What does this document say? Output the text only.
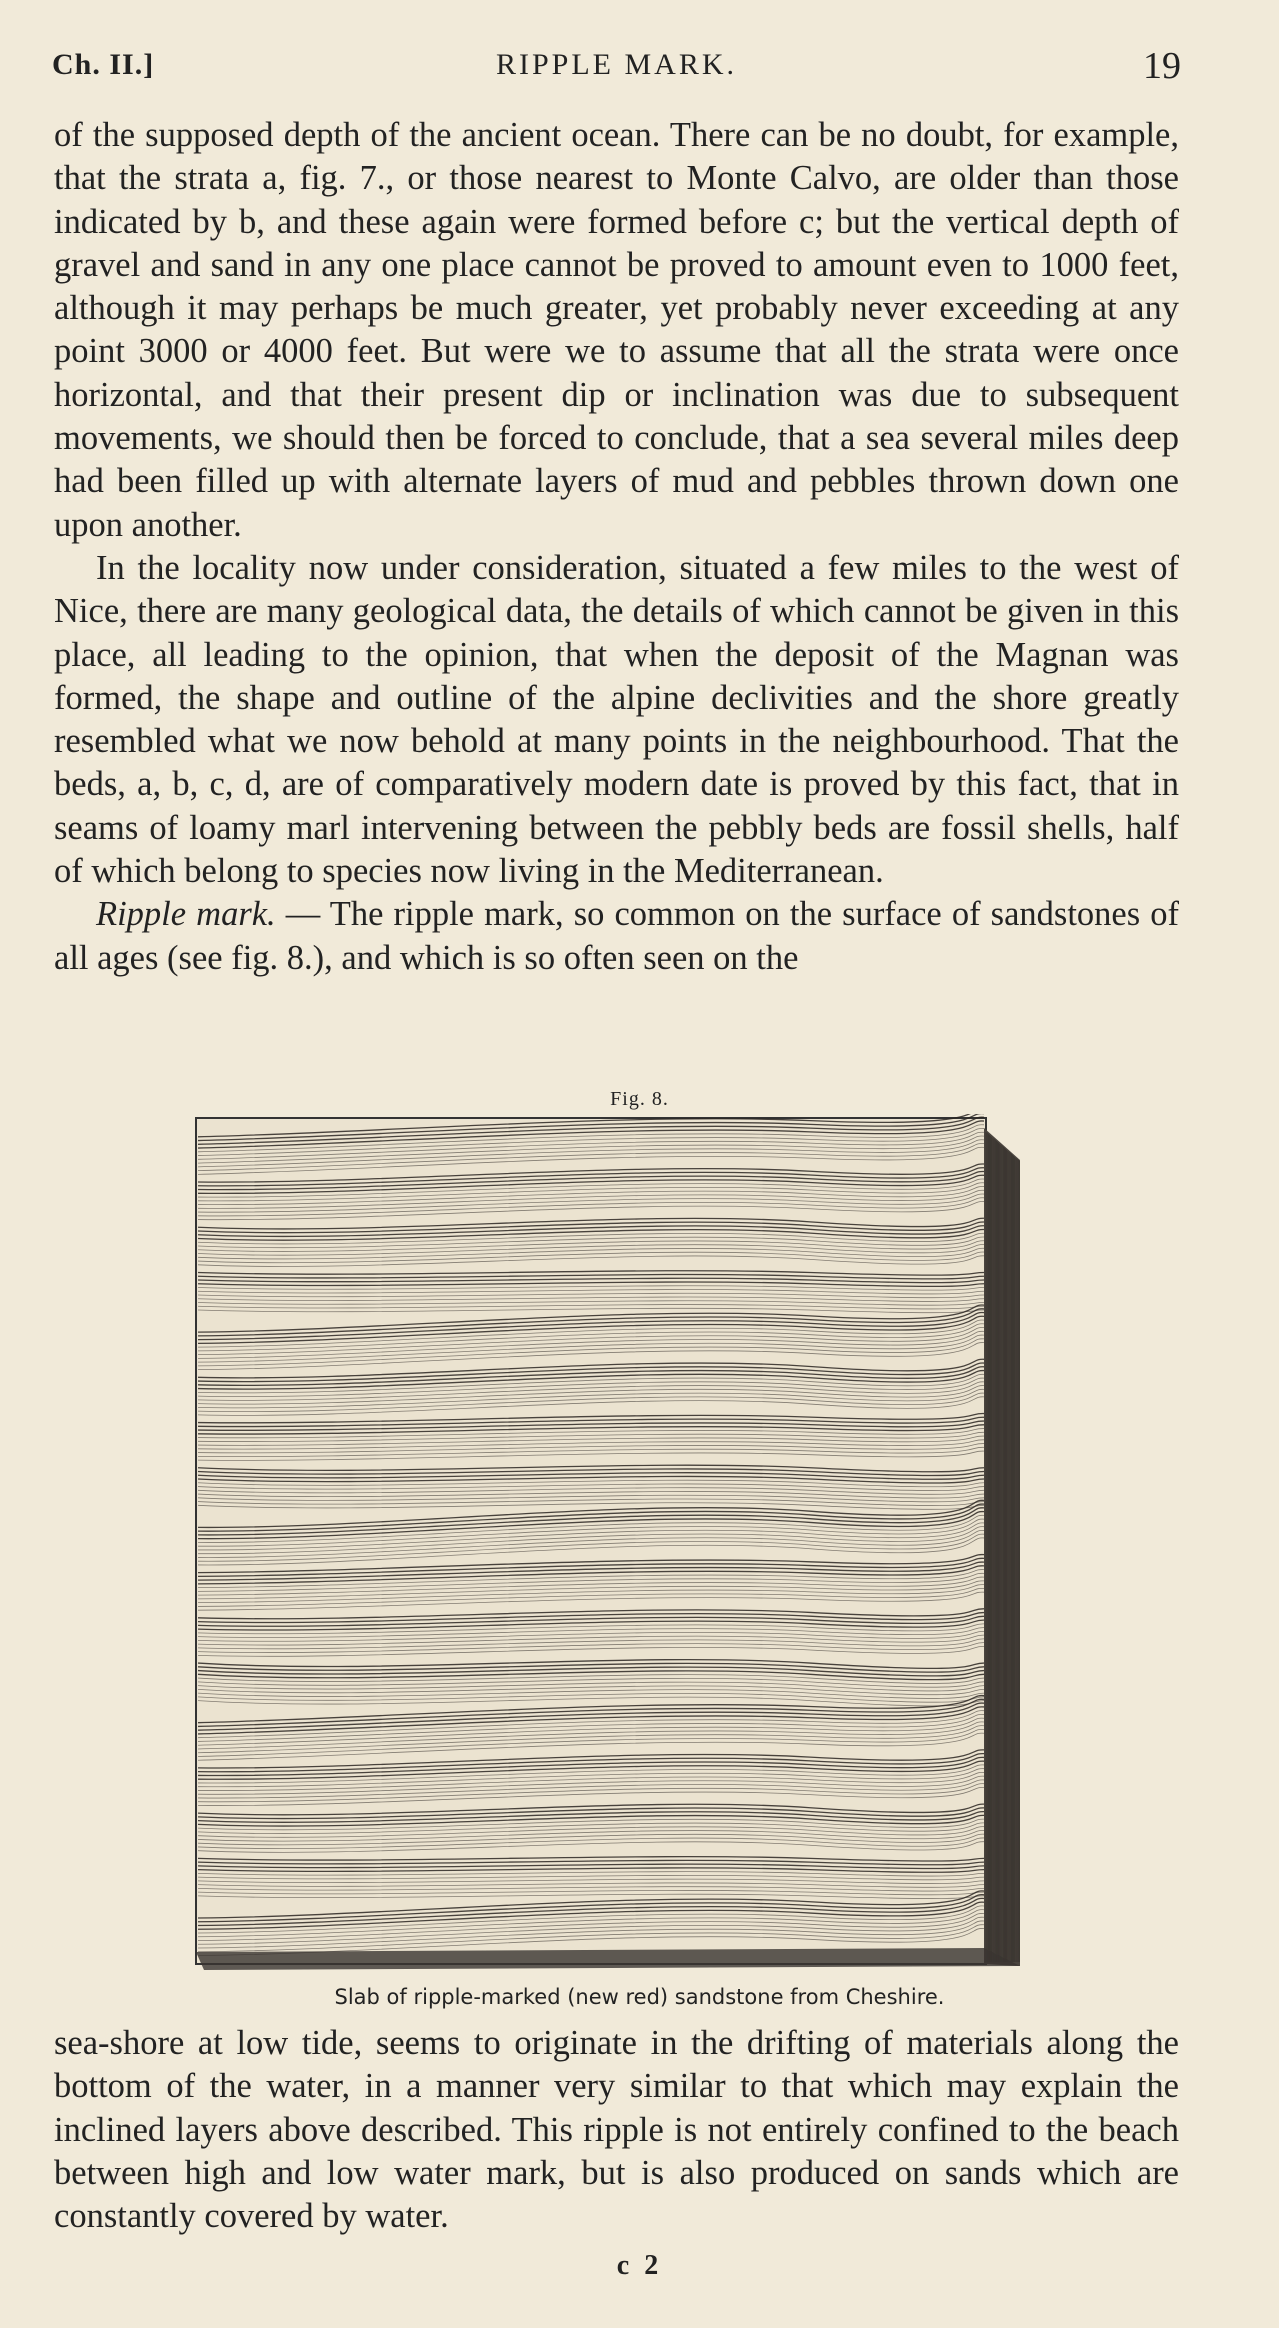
Ch. II.]	RIPPLE MARK.	19

of the supposed depth of the ancient ocean. There can be no doubt, for example, that the strata a, fig. 7., or those nearest to Monte Calvo, are older than those indicated by b, and these again were formed before c; but the vertical depth of gravel and sand in any one place cannot be proved to amount even to 1000 feet, although it may perhaps be much greater, yet probably never exceeding at any point 3000 or 4000 feet. But were we to assume that all the strata were once horizontal, and that their present dip or inclination was due to subsequent movements, we should then be forced to conclude, that a sea several miles deep had been filled up with alternate layers of mud and pebbles thrown down one upon another.

In the locality now under consideration, situated a few miles to the west of Nice, there are many geological data, the details of which cannot be given in this place, all leading to the opinion, that when the deposit of the Magnan was formed, the shape and outline of the alpine declivities and the shore greatly resembled what we now behold at many points in the neighbourhood. That the beds, a, b, c, d, are of comparatively modern date is proved by this fact, that in seams of loamy marl intervening between the pebbly beds are fossil shells, half of which belong to species now living in the Mediterranean.

Ripple mark. — The ripple mark, so common on the surface of sandstones of all ages (see fig. 8.), and which is so often seen on the

Fig. 8.
Slab of ripple-marked (new red) sandstone from Cheshire.

sea-shore at low tide, seems to originate in the drifting of materials along the bottom of the water, in a manner very similar to that which may explain the inclined layers above described. This ripple is not entirely confined to the beach between high and low water mark, but is also produced on sands which are constantly covered by water.

c 2
